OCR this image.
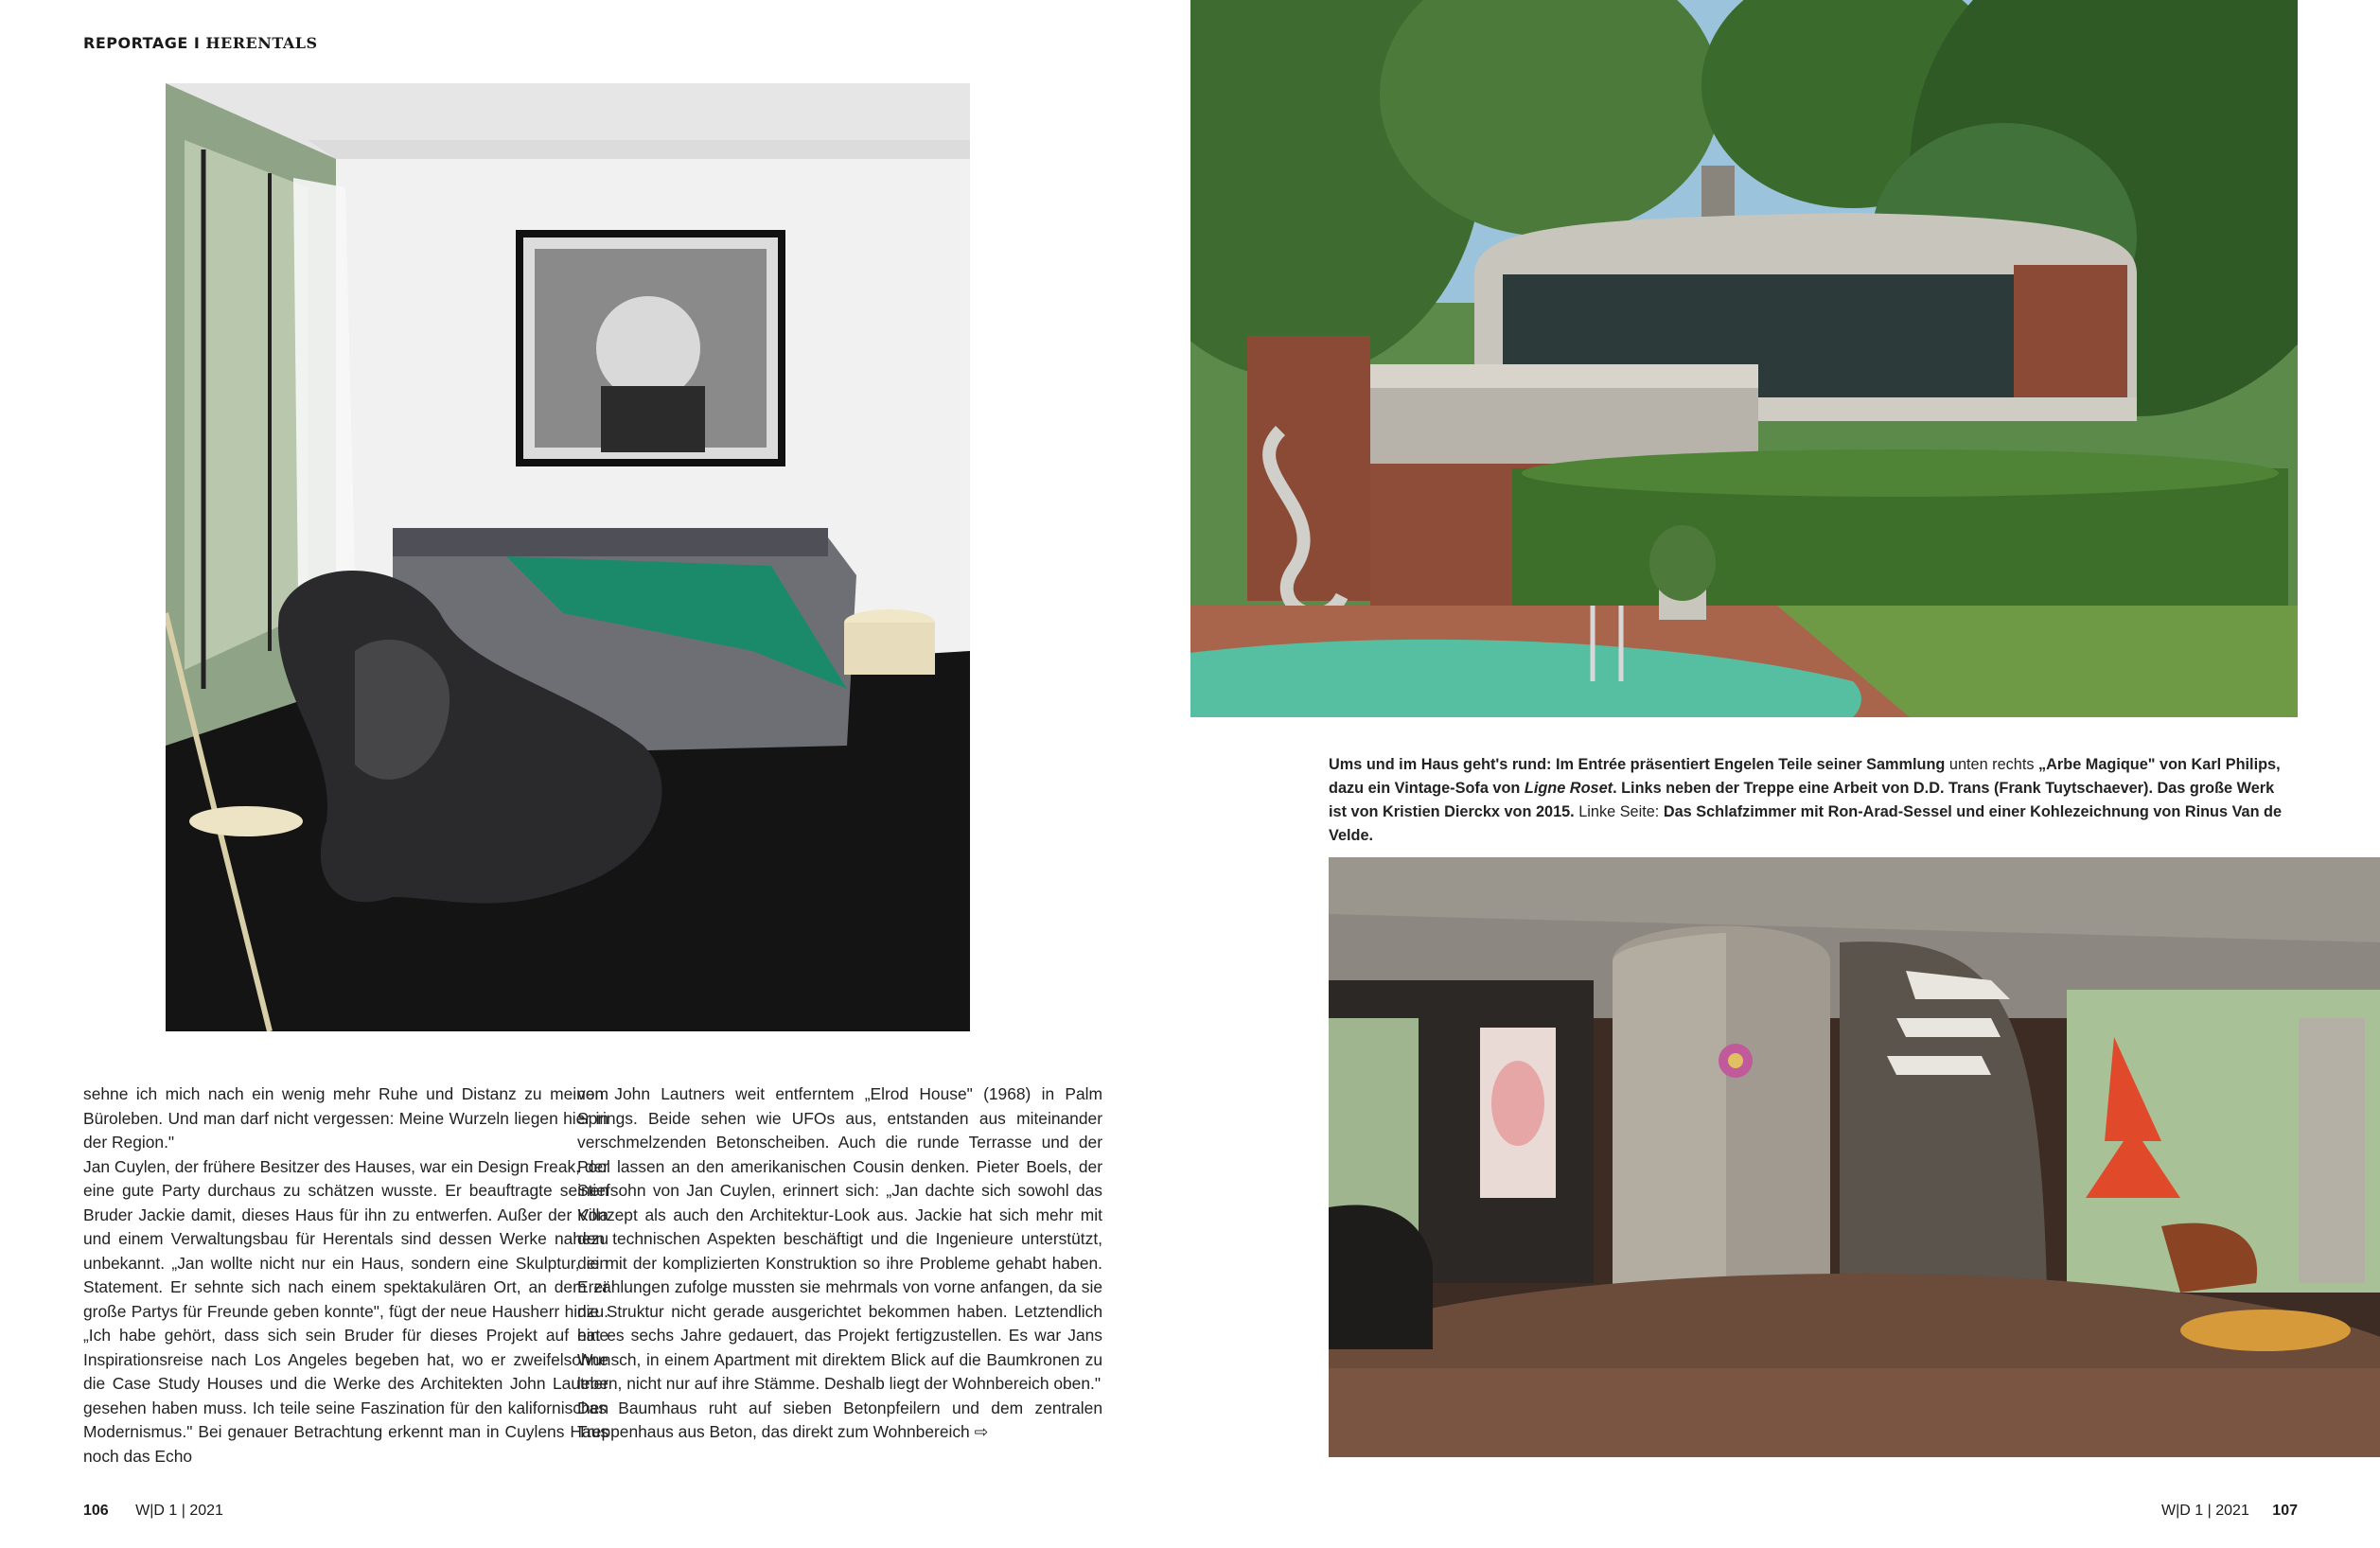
REPORTAGE I HERENTALS
Ums und im Haus geht's rund: Im Entrée präsentiert Engelen Teile seiner Sammlung unten rechts „Arbe Magique" von Karl Philips, dazu ein Vintage-Sofa von Ligne Roset. Links neben der Treppe eine Arbeit von D.D. Trans (Frank Tuytschaever). Das große Werk ist von Kristien Dierckx von 2015. Linke Seite: Das Schlafzimmer mit Ron-Arad-Sessel und einer Kohlezeichnung von Rinus Van de Velde.

sehne ich mich nach ein wenig mehr Ruhe und Distanz zu meinem Büroleben. Und man darf nicht vergessen: Meine Wurzeln liegen hier in der Region."

Jan Cuylen, der frühere Besitzer des Hauses, war ein Design Freak, der eine gute Party durchaus zu schätzen wusste. Er beauftragte seinen Bruder Jackie damit, dieses Haus für ihn zu entwerfen. Außer der Villa und einem Verwaltungsbau für Herentals sind dessen Werke nahezu unbekannt. „Jan wollte nicht nur ein Haus, sondern eine Skulptur, ein Statement. Er sehnte sich nach einem spektakulären Ort, an dem er große Partys für Freunde geben konnte", fügt der neue Hausherr hinzu. „Ich habe gehört, dass sich sein Bruder für dieses Projekt auf eine Inspirationsreise nach Los Angeles begeben hat, wo er zweifelsohne die Case Study Houses und die Werke des Architekten John Lautner gesehen haben muss. Ich teile seine Faszination für den kalifornischen Modernismus." Bei genauer Betrachtung erkennt man in Cuylens Haus noch das Echo

von John Lautners weit entferntem „Elrod House" (1968) in Palm Springs. Beide sehen wie UFOs aus, entstanden aus miteinander verschmelzenden Betonscheiben. Auch die runde Terrasse und der Pool lassen an den amerikanischen Cousin denken. Pieter Boels, der Stiefsohn von Jan Cuylen, erinnert sich: „Jan dachte sich sowohl das Konzept als auch den Architektur-Look aus. Jackie hat sich mehr mit den technischen Aspekten beschäftigt und die Ingenieure unterstützt, die mit der komplizierten Konstruktion so ihre Probleme gehabt haben. Erzählungen zufolge mussten sie mehrmals von vorne anfangen, da sie die Struktur nicht gerade ausgerichtet bekommen haben. Letztendlich hat es sechs Jahre gedauert, das Projekt fertigzustellen. Es war Jans Wunsch, in einem Apartment mit direktem Blick auf die Baumkronen zu leben, nicht nur auf ihre Stämme. Deshalb liegt der Wohnbereich oben."

Das Baumhaus ruht auf sieben Betonpfeilern und dem zentralen Treppenhaus aus Beton, das direkt zum Wohnbereich ⇨

106 W|D 1 | 2021	W|D 1 | 2021 107
